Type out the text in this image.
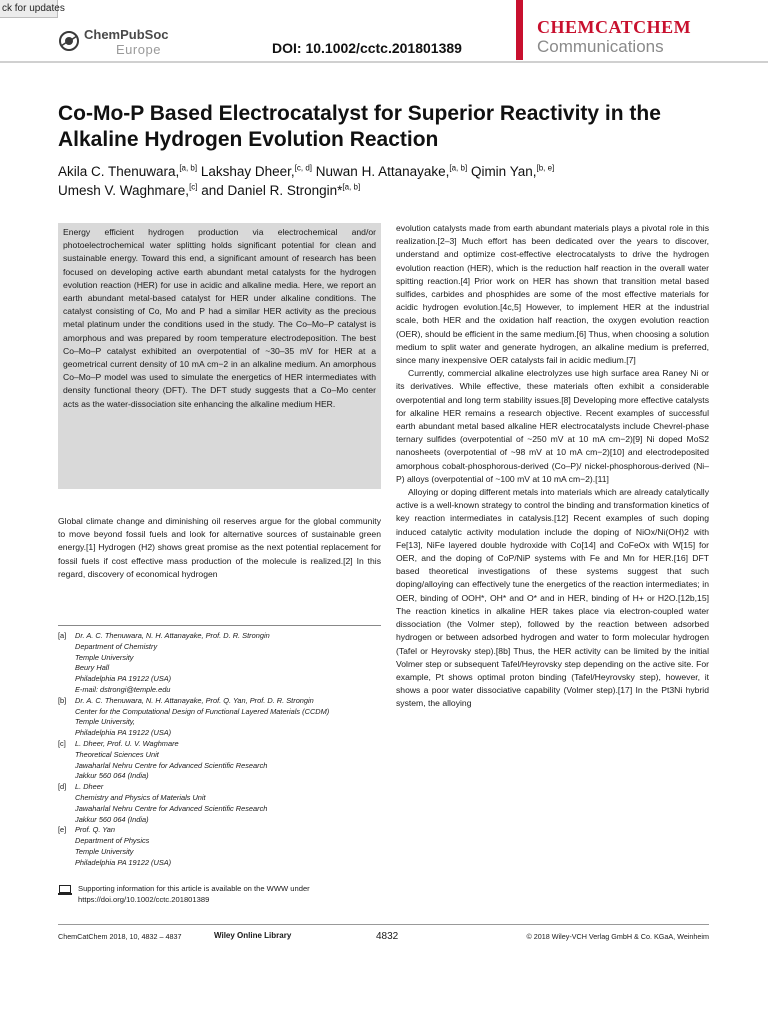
ck for updates
ChemPubSoc
Europe	DOI: 10.1002/cctc.201801389
CHEMCATCHEM
Communications
Co-Mo-P Based Electrocatalyst for Superior Reactivity in the Alkaline Hydrogen Evolution Reaction
Akila C. Thenuwara,[a, b] Lakshay Dheer,[c, d] Nuwan H. Attanayake,[a, b] Qimin Yan,[b, e]
Umesh V. Waghmare,[c] and Daniel R. Strongin*[a, b]
Energy efficient hydrogen production via electrochemical and/or photoelectrochemical water splitting holds significant potential for clean and sustainable energy. Toward this end, a significant amount of research has been focused on developing active earth abundant metal catalysts for the hydrogen evolution reaction (HER) for use in acidic and alkaline media. Here, we report an earth abundant metal-based catalyst for HER under alkaline conditions. The catalyst consisting of Co, Mo and P had a similar HER activity as the precious metal platinum under the conditions used in the study. The Co–Mo–P catalyst is amorphous and was prepared by room temperature electrodeposition. The best Co–Mo–P catalyst exhibited an overpotential of ~30–35 mV for HER at a geometrical current density of 10 mA cm−2 in an alkaline medium. An amorphous Co–Mo–P model was used to simulate the energetics of HER intermediates with density functional theory (DFT). The DFT study suggests that a Co–Mo center acts as the water-dissociation site enhancing the alkaline medium HER.
Global climate change and diminishing oil reserves argue for the global community to move beyond fossil fuels and look for alternative sources of sustainable green energy.[1] Hydrogen (H2) shows great promise as the next potential replacement for fossil fuels if cost effective mass production of the molecule is realized.[2] In this regard, discovery of economical hydrogen
[a]	Dr. A. C. Thenuwara, N. H. Attanayake, Prof. D. R. Strongin
Department of Chemistry
Temple University
Beury Hall
Philadelphia PA 19122 (USA)
E-mail: dstrongi@temple.edu
[b]	Dr. A. C. Thenuwara, N. H. Attanayake, Prof. Q. Yan, Prof. D. R. Strongin
Center for the Computational Design of Functional Layered Materials (CCDM)
Temple University,
Philadelphia PA 19122 (USA)
[c]	L. Dheer, Prof. U. V. Waghmare
Theoretical Sciences Unit
Jawaharlal Nehru Centre for Advanced Scientific Research
Jakkur 560 064 (India)
[d]	L. Dheer
Chemistry and Physics of Materials Unit
Jawaharlal Nehru Centre for Advanced Scientific Research
Jakkur 560 064 (India)
[e]	Prof. Q. Yan
Department of Physics
Temple University
Philadelphia PA 19122 (USA)
Supporting information for this article is available on the WWW under https://doi.org/10.1002/cctc.201801389

evolution catalysts made from earth abundant materials plays a pivotal role in this realization.[2–3] Much effort has been dedicated over the years to discover, understand and optimize cost-effective electrocatalysts to drive the hydrogen evolution reaction (HER), which is the reduction half reaction in the overall water spitting reaction.[4] Prior work on HER has shown that transition metal based sulfides, carbides and phosphides are some of the most effective materials for acidic hydrogen evolution.[4c,5] However, to implement HER at the industrial scale, both HER and the oxidation half reaction, the oxygen evolution reaction (OER), should be efficient in the same medium.[6] Thus, when choosing a solution medium to split water and generate hydrogen, an alkaline medium is preferred, since many inexpensive OER catalysts fail in acidic medium.[7]

Currently, commercial alkaline electrolyzes use high surface area Raney Ni or its derivatives. While effective, these materials often exhibit a considerable overpotential and long term stability issues.[8] Developing more effective catalysts for alkaline HER remains a research objective. Recent examples of successful earth abundant metal based alkaline HER electrocatalysts include Chevrel-phase ternary sulfides (overpotential of ~250 mV at 10 mA cm−2)[9] Ni doped MoS2 nanosheets (overpotential of ~98 mV at 10 mA cm−2)[10] and electrodeposited amorphous cobalt-phosphorous-derived (Co–P)/ nickel-phosphorous-derived (Ni–P) alloys (overpotential of ~100 mV at 10 mA cm−2).[11]

Alloying or doping different metals into materials which are already catalytically active is a well-known strategy to control the binding and transformation kinetics of key reaction intermediates in catalysis.[12] Recent examples of such doping induced catalytic activity modulation include the doping of NiOx/Ni(OH)2 with Fe[13], NiFe layered double hydroxide with Co[14] and CoFeOx with W[15] for OER, and the doping of CoP/NiP systems with Fe and Mn for HER.[16] DFT based theoretical investigations of these systems suggest that such doping/alloying can effectively tune the energetics of the reaction intermediates; in OER, binding of OOH*, OH* and O* and in HER, binding of H+ or H2O.[12b,15] The reaction kinetics in alkaline HER takes place via electron-coupled water dissociation (the Volmer step), followed by the reaction between adsorbed hydrogen or between adsorbed hydrogen and water to form molecular hydrogen (Tafel or Heyrovsky step).[8b] Thus, the HER activity can be limited by the initial Volmer step or subsequent Tafel/Heyrovsky step depending on the active site. For example, Pt shows optimal proton binding (Tafel/Heyrovsky step), however, it shows a poor water dissociative capability (Volmer step).[17] In the Pt3Ni hybrid system, the alloying

ChemCatChem 2018, 10, 4832 – 4837	Wiley Online Library	4832	© 2018 Wiley-VCH Verlag GmbH & Co. KGaA, Weinheim
